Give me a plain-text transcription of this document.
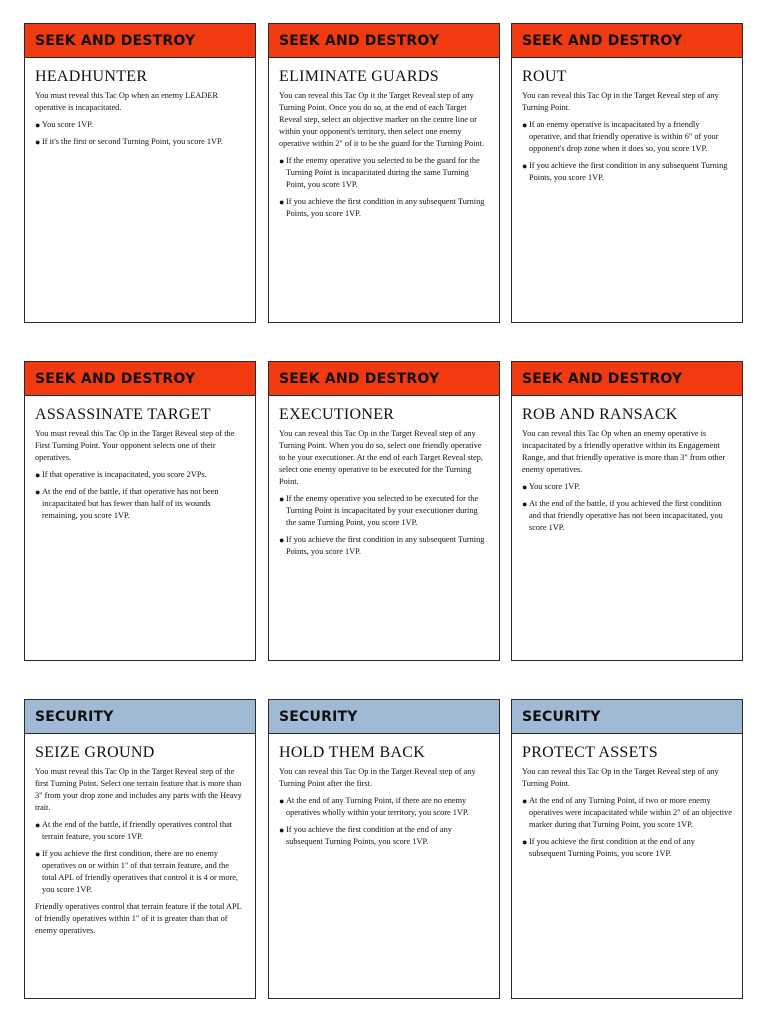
SEEK AND DESTROY
HEADHUNTER
You must reveal this Tac Op when an enemy LEADER operative is incapacitated.
● You score 1VP.
● If it's the first or second Turning Point, you score 1VP.
SEEK AND DESTROY
ELIMINATE GUARDS
You can reveal this Tac Op it the Target Reveal step of any Turning Point. Once you do so, at the end of each Target Reveal step, select an objective marker on the centre line or within your opponent's territory, then select one enemy operative within 2" of it to be the guard for the Turning Point.
● If the enemy operative you selected to be the guard for the Turning Point is incapacitated during the same Turning Point, you score 1VP.
● If you achieve the first condition in any subsequent Turning Points, you score 1VP.
SEEK AND DESTROY
ROUT
You can reveal this Tac Op in the Target Reveal step of any Turning Point.
● If an enemy operative is incapacitated by a friendly operative, and that friendly operative is within 6" of your opponent's drop zone when it does so, you score 1VP.
● If you achieve the first condition in any subsequent Turning Points, you score 1VP.
SEEK AND DESTROY
ASSASSINATE TARGET
You must reveal this Tac Op in the Target Reveal step of the First Turning Point. Your opponent selects one of their operatives.
● If that operative is incapacitated, you score 2VPs.
● At the end of the battle, if that operative has not been incapacitated but has fewer than half of its wounds remaining, you score 1VP.
SEEK AND DESTROY
EXECUTIONER
You can reveal this Tac Op in the Target Reveal step of any Turning Point. When you do so, select one friendly operative to be your executioner. At the end of each Target Reveal step, select one enemy operative to be executed for the Turning Point.
● If the enemy operative you selected to be executed for the Turning Point is incapacitated by your executioner during the same Turning Point, you score 1VP.
● If you achieve the first condition in any subsequent Turning Points, you score 1VP.
SEEK AND DESTROY
ROB AND RANSACK
You can reveal this Tac Op when an enemy operative is incapacitated by a friendly operative within its Engagement Range, and that friendly operative is more than 3" from other enemy operatives.
● You score 1VP.
● At the end of the battle, if you achieved the first condition and that friendly operative has not been incapacitated, you score 1VP.
SECURITY
SEIZE GROUND
You must reveal this Tac Op in the Target Reveal step of the first Turning Point. Select one terrain feature that is more than 3" from your drop zone and includes any parts with the Heavy trait.
● At the end of the battle, if friendly operatives control that terrain feature, you score 1VP.
● If you achieve the first condition, there are no enemy operatives on or within 1" of that terrain feature, and the total APL of friendly operatives that control it is 4 or more, you score 1VP.
Friendly operatives control that terrain feature if the total APL of friendly operatives within 1" of it is greater than that of enemy operatives.
SECURITY
HOLD THEM BACK
You can reveal this Tac Op in the Target Reveal step of any Turning Point after the first.
● At the end of any Turning Point, if there are no enemy operatives wholly within your territory, you score 1VP.
● If you achieve the first condition at the end of any subsequent Turning Points, you score 1VP.
SECURITY
PROTECT ASSETS
You can reveal this Tac Op in the Target Reveal step of any Turning Point.
● At the end of any Turning Point, if two or more enemy operatives were incapacitated while within 2" of an objective marker during that Turning Point, you score 1VP.
● If you achieve the first condition at the end of any subsequent Turning Points, you score 1VP.
